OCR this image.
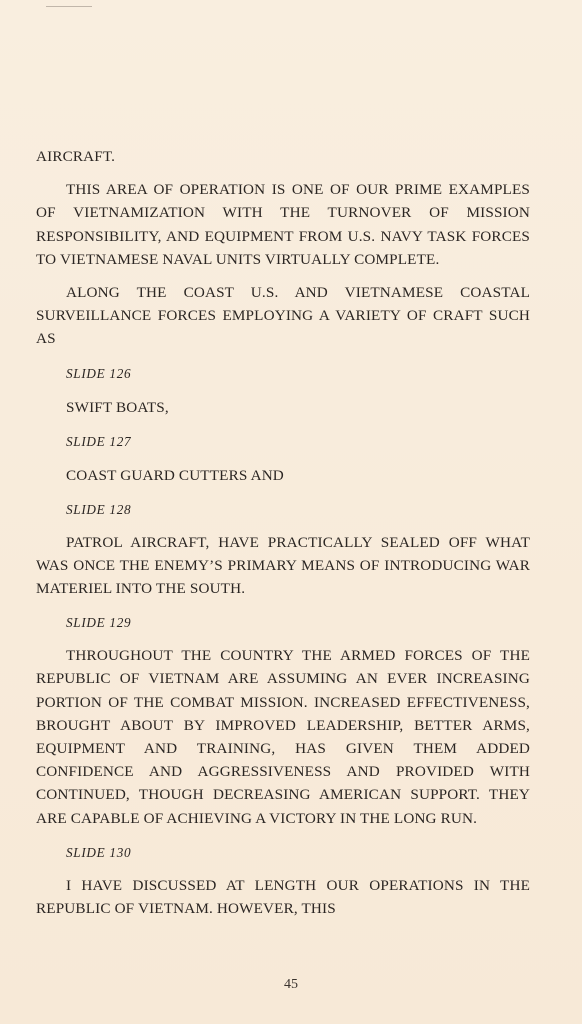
AIRCRAFT.

THIS AREA OF OPERATION IS ONE OF OUR PRIME EXAMPLES OF VIETNAMIZATION WITH THE TURNOVER OF MISSION RESPONSIBILITY, AND EQUIPMENT FROM U.S. NAVY TASK FORCES TO VIETNAMESE NAVAL UNITS VIRTUALLY COMPLETE.

ALONG THE COAST U.S. AND VIETNAMESE COASTAL SURVEILLANCE FORCES EMPLOYING A VARIETY OF CRAFT SUCH AS

SLIDE 126
SWIFT BOATS,
SLIDE 127
COAST GUARD CUTTERS AND
SLIDE 128

PATROL AIRCRAFT, HAVE PRACTICALLY SEALED OFF WHAT WAS ONCE THE ENEMY’S PRIMARY MEANS OF INTRODUCING WAR MATERIEL INTO THE SOUTH.

SLIDE 129

THROUGHOUT THE COUNTRY THE ARMED FORCES OF THE REPUBLIC OF VIETNAM ARE ASSUMING AN EVER INCREASING PORTION OF THE COMBAT MISSION. INCREASED EFFECTIVENESS, BROUGHT ABOUT BY IMPROVED LEADERSHIP, BETTER ARMS, EQUIPMENT AND TRAINING, HAS GIVEN THEM ADDED CONFIDENCE AND AGGRESSIVENESS AND PROVIDED WITH CONTINUED, THOUGH DECREASING AMERICAN SUPPORT. THEY ARE CAPABLE OF ACHIEVING A VICTORY IN THE LONG RUN.

SLIDE 130

I HAVE DISCUSSED AT LENGTH OUR OPERATIONS IN THE REPUBLIC OF VIETNAM. HOWEVER, THIS

45
